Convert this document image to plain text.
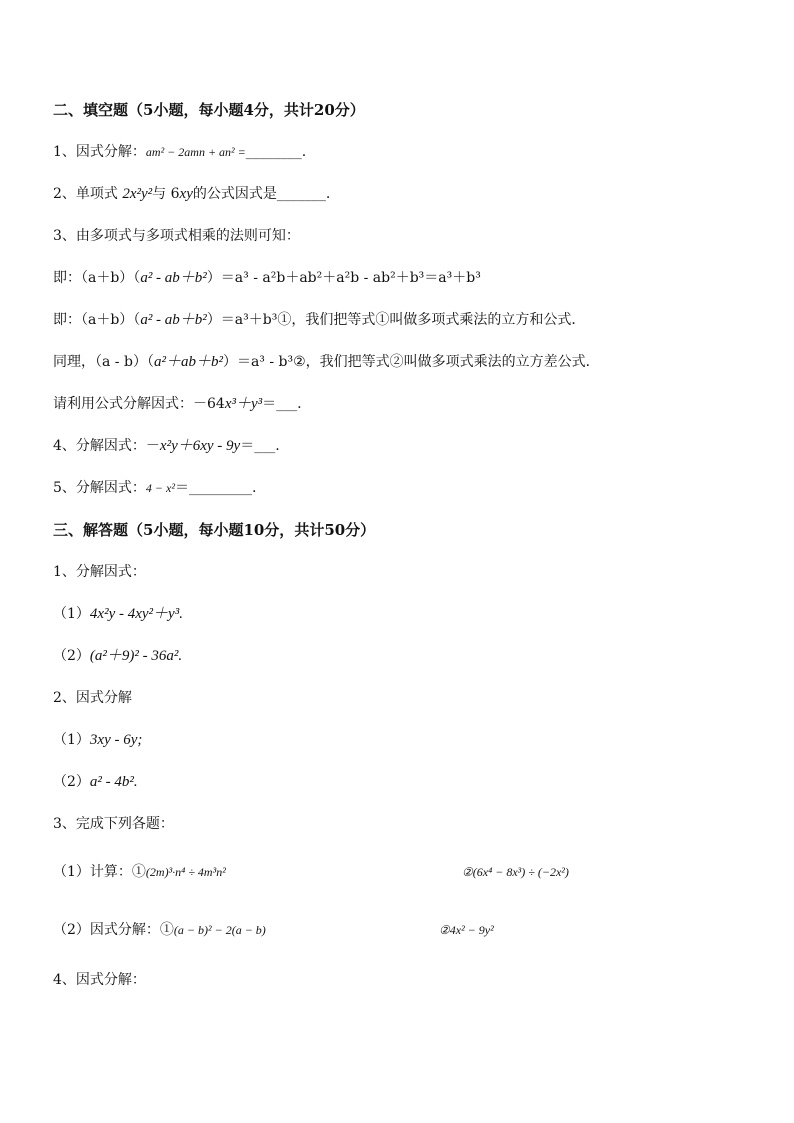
二、填空题（5小题，每小题4分，共计20分）
1、因式分解：am² − 2amn + an² =________.
2、单项式 2x²y²与 6xy的公式因式是_______.
3、由多项式与多项式相乘的法则可知：
即：（a＋b）（a² - ab＋b²）＝a³ - a²b＋ab²＋a²b - ab²＋b³＝a³＋b³
即：（a＋b）（a² - ab＋b²）＝a³＋b³①，我们把等式①叫做多项式乘法的立方和公式．
同理，（a - b）（a²＋ab＋b²）＝a³ - b³②，我们把等式②叫做多项式乘法的立方差公式．
请利用公式分解因式：－64x³＋y³＝___.
4、分解因式：－x²y＋6xy - 9y＝___.
5、分解因式：4 − x²＝_________.
三、解答题（5小题，每小题10分，共计50分）
1、分解因式：
（1）4x²y - 4xy²＋y³.
（2）(a²＋9)² - 36a².
2、因式分解
（1）3xy - 6y;
（2）a² - 4b².
3、完成下列各题：
（1）计算：①(2m)³·n⁴ ÷ 4m³n²	②(6x⁴ − 8x³) ÷ (−2x²)
（2）因式分解：①(a − b)² − 2(a − b)	②4x² − 9y²
4、因式分解：
